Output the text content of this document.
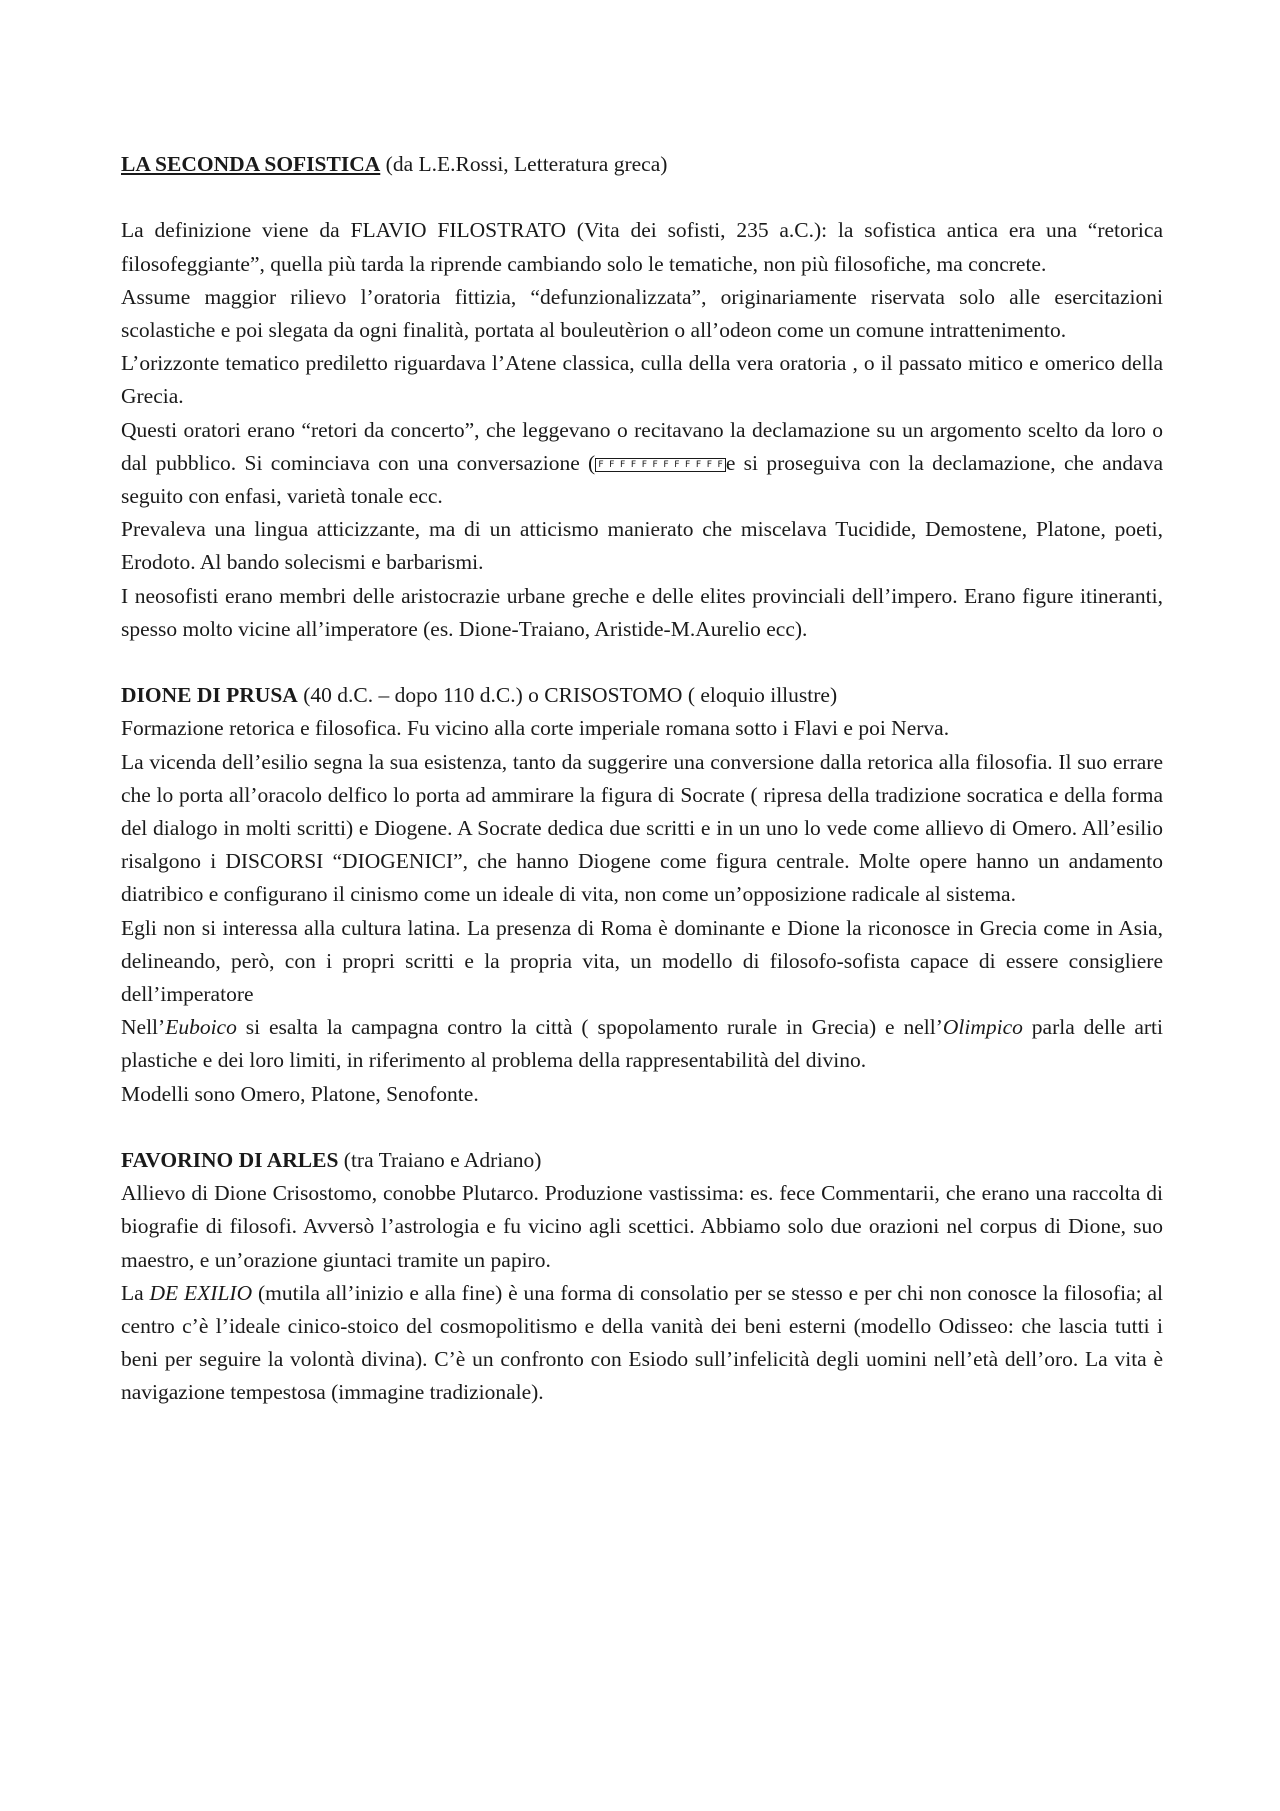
LA SECONDA SOFISTICA (da L.E.Rossi, Letteratura greca)

La definizione viene da FLAVIO FILOSTRATO (Vita dei sofisti, 235 a.C.): la sofistica antica era una “retorica filosofeggiante”, quella più tarda la riprende cambiando solo le tematiche, non più filosofiche, ma concrete.

Assume maggior rilievo l’oratoria fittizia, “defunzionalizzata”, originariamente riservata solo alle esercitazioni scolastiche e poi slegata da ogni finalità, portata al bouleutèrion o all’odeon come un comune intrattenimento.

L’orizzonte tematico prediletto riguardava l’Atene classica, culla della vera oratoria , o il passato mitico e omerico della Grecia.

Questi oratori erano “retori da concerto”, che leggevano o recitavano la declamazione su un argomento scelto da loro o dal pubblico. Si cominciava con una conversazione ( F F F F F F F F F F F F e si proseguiva con la declamazione, che andava seguito con enfasi, varietà tonale ecc.

Prevaleva una lingua atticizzante, ma di un atticismo manierato che miscelava Tucidide, Demostene, Platone, poeti, Erodoto. Al bando solecismi e barbarismi.

I neosofisti erano membri delle aristocrazie urbane greche e delle elites provinciali dell’impero. Erano figure itineranti, spesso molto vicine all’imperatore (es. Dione-Traiano, Aristide-M.Aurelio ecc).

DIONE DI PRUSA (40 d.C. – dopo 110 d.C.) o CRISOSTOMO ( eloquio illustre)

Formazione retorica e filosofica. Fu vicino alla corte imperiale romana sotto i Flavi e poi Nerva.

La vicenda dell’esilio segna la sua esistenza, tanto da suggerire una conversione dalla retorica alla filosofia. Il suo errare che lo porta all’oracolo delfico lo porta ad ammirare la figura di Socrate ( ripresa della tradizione socratica e della forma del dialogo in molti scritti) e Diogene. A Socrate dedica due scritti e in un uno lo vede come allievo di Omero. All’esilio risalgono i DISCORSI “DIOGENICI”, che hanno Diogene come figura centrale. Molte opere hanno un andamento diatribico e configurano il cinismo come un ideale di vita, non come un’opposizione radicale al sistema.

Egli non si interessa alla cultura latina. La presenza di Roma è dominante e Dione la riconosce in Grecia come in Asia, delineando, però, con i propri scritti e la propria vita, un modello di filosofo-sofista capace di essere consigliere dell’imperatore

Nell’Euboico si esalta la campagna contro la città ( spopolamento rurale in Grecia) e nell’Olimpico parla delle arti plastiche e dei loro limiti, in riferimento al problema della rappresentabilità del divino.

Modelli sono Omero, Platone, Senofonte.

FAVORINO DI ARLES (tra Traiano e Adriano)

Allievo di Dione Crisostomo, conobbe Plutarco. Produzione vastissima: es. fece Commentarii, che erano una raccolta di biografie di filosofi. Avversò l’astrologia e fu vicino agli scettici. Abbiamo solo due orazioni nel corpus di Dione, suo maestro, e un’orazione giuntaci tramite un papiro.

La DE EXILIO (mutila all’inizio e alla fine) è una forma di consolatio per se stesso e per chi non conosce la filosofia; al centro c’è l’ideale cinico-stoico del cosmopolitismo e della vanità dei beni esterni (modello Odisseo: che lascia tutti i beni per seguire la volontà divina). C’è un confronto con Esiodo sull’infelicità degli uomini nell’età dell’oro. La vita è navigazione tempestosa (immagine tradizionale).
